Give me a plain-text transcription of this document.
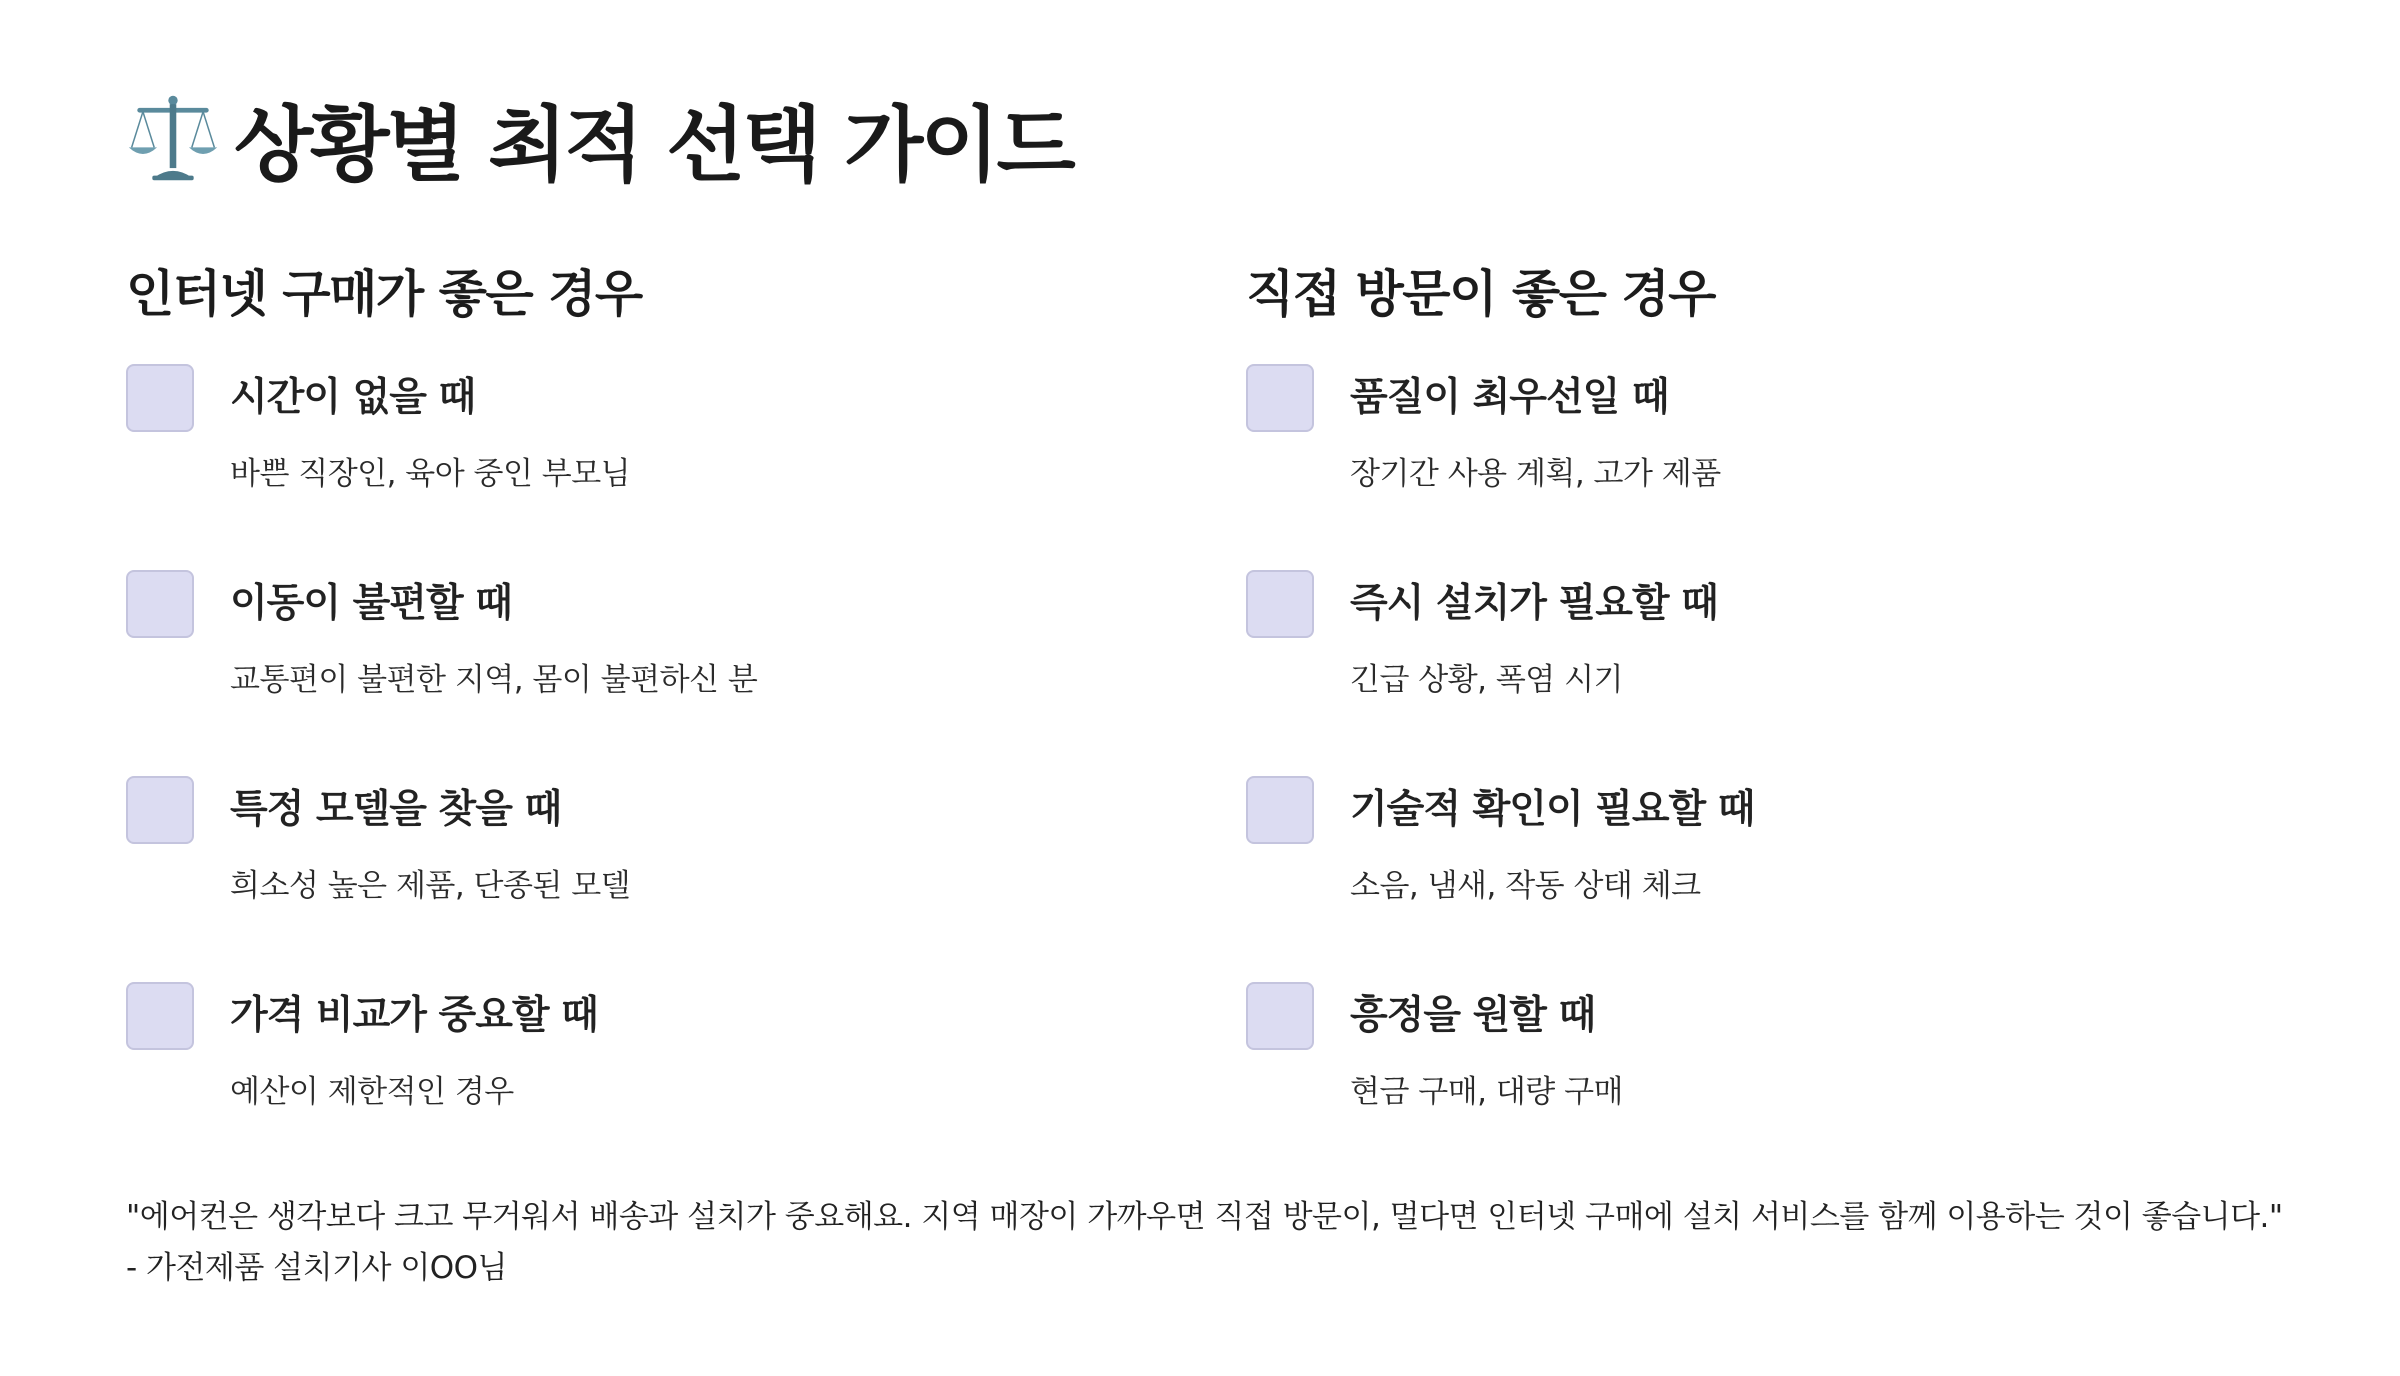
상황별 최적 선택 가이드
인터넷 구매가 좋은 경우
시간이 없을 때
바쁜 직장인, 육아 중인 부모님
이동이 불편할 때
교통편이 불편한 지역, 몸이 불편하신 분
특정 모델을 찾을 때
희소성 높은 제품, 단종된 모델
가격 비교가 중요할 때
예산이 제한적인 경우
직접 방문이 좋은 경우
품질이 최우선일 때
장기간 사용 계획, 고가 제품
즉시 설치가 필요할 때
긴급 상황, 폭염 시기
기술적 확인이 필요할 때
소음, 냄새, 작동 상태 체크
흥정을 원할 때
현금 구매, 대량 구매
"에어컨은 생각보다 크고 무거워서 배송과 설치가 중요해요. 지역 매장이 가까우면 직접 방문이, 멀다면 인터넷 구매에 설치 서비스를 함께 이용하는 것이 좋습니다." - 가전제품 설치기사 이OO님
